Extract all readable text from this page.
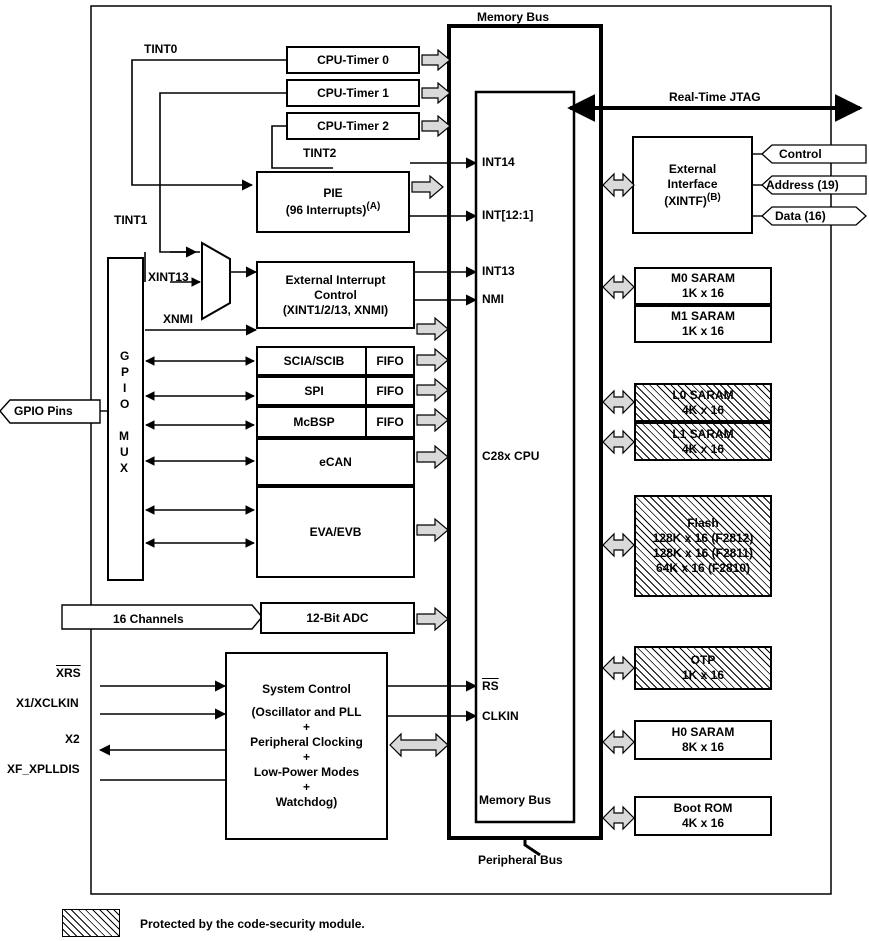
Memory Bus
Memory Bus
Peripheral Bus
Real-Time JTAG
CPU-Timer 0
CPU-Timer 1
CPU-Timer 2
TINT0
TINT2
TINT1
PIE
(96 Interrupts)$^{(A)}$
External Interrupt
Control
(XINT1/2/13, XNMI)
XINT13
XNMI
SCIA/SCIB	FIFO
SPI	FIFO
McBSP	FIFO
eCAN
EVA/EVB
12-Bit ADC
16 Channels
G
P
I
O
M
U
X
GPIO Pins
INT14
INT[12:1]
INT13
NMI
C28x CPU
$\overline{RS}$
CLKIN
External
Interface
(XINTF)$^{(B)}$
Control
Address (19)
Data (16)
M0 SARAM
1K x 16
M1 SARAM
1K x 16
L0 SARAM
4K x 16
L1 SARAM
4K x 16
Flash
128K x 16 (F2812)
128K x 16 (F2811)
64K x 16 (F2810)
OTP
1K x 16
H0 SARAM
8K x 16
Boot ROM
4K x 16
System Control
(Oscillator and PLL
+
Peripheral Clocking
+
Low-Power Modes
+
Watchdog)
$\overline{XRS}$
X1/XCLKIN
X2
XF_XPLLDIS
Protected by the code-security module.
